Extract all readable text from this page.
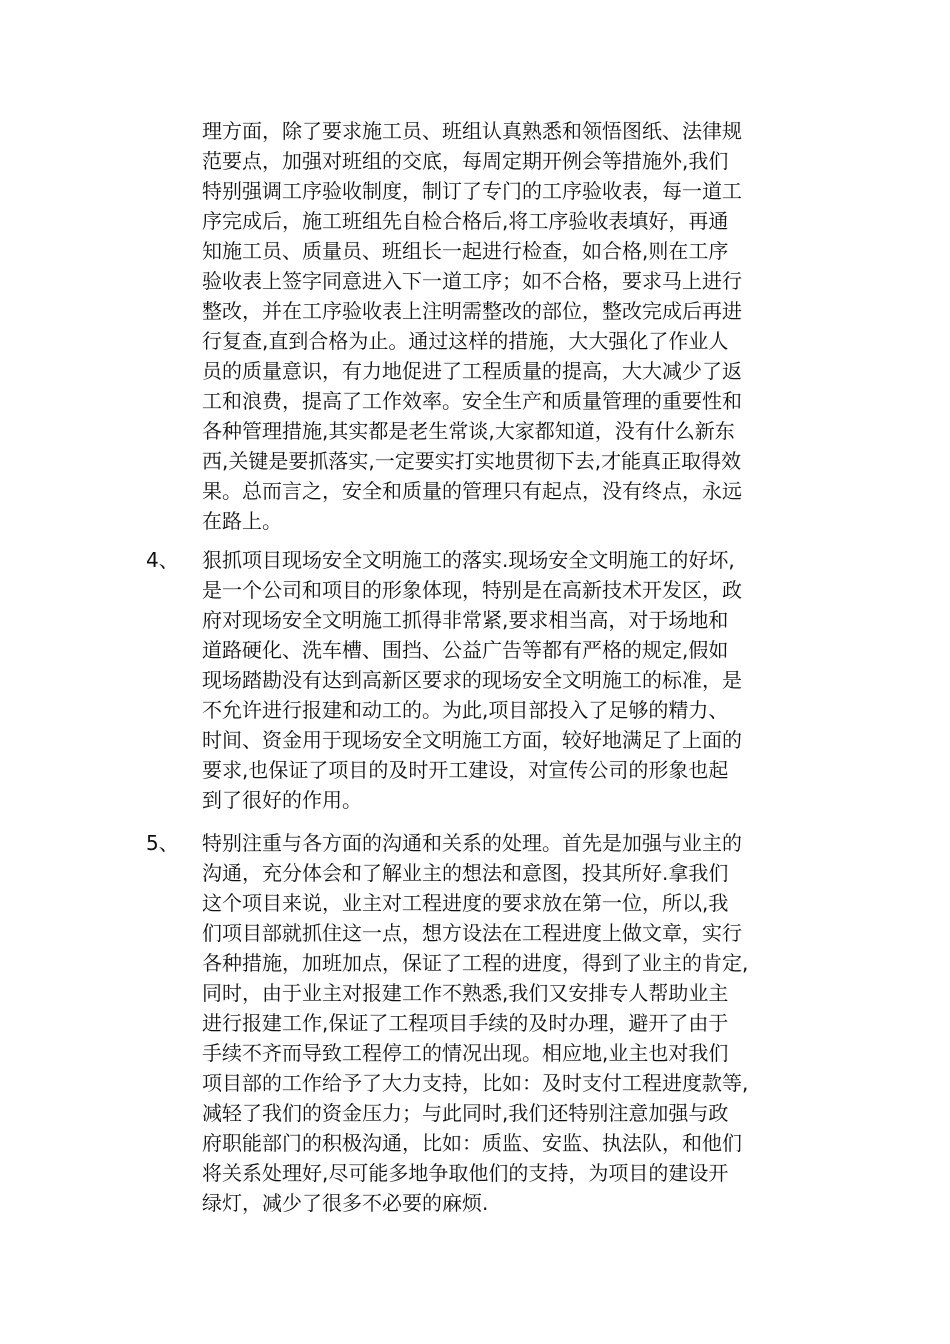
理方面，除了要求施工员、班组认真熟悉和领悟图纸、法律规
范要点，加强对班组的交底，每周定期开例会等措施外,我们
特别强调工序验收制度，制订了专门的工序验收表，每一道工
序完成后，施工班组先自检合格后,将工序验收表填好，再通
知施工员、质量员、班组长一起进行检查，如合格,则在工序
验收表上签字同意进入下一道工序；如不合格，要求马上进行
整改，并在工序验收表上注明需整改的部位，整改完成后再进
行复查,直到合格为止。通过这样的措施，大大强化了作业人
员的质量意识，有力地促进了工程质量的提高，大大减少了返
工和浪费，提高了工作效率。安全生产和质量管理的重要性和
各种管理措施,其实都是老生常谈,大家都知道，没有什么新东
西,关键是要抓落实,一定要实打实地贯彻下去,才能真正取得效
果。总而言之，安全和质量的管理只有起点，没有终点，永远
在路上。
4、 狠抓项目现场安全文明施工的落实.现场安全文明施工的好坏,
是一个公司和项目的形象体现，特别是在高新技术开发区，政
府对现场安全文明施工抓得非常紧,要求相当高，对于场地和
道路硬化、洗车槽、围挡、公益广告等都有严格的规定,假如
现场踏勘没有达到高新区要求的现场安全文明施工的标准，是
不允许进行报建和动工的。为此,项目部投入了足够的精力、
时间、资金用于现场安全文明施工方面，较好地满足了上面的
要求,也保证了项目的及时开工建设，对宣传公司的形象也起
到了很好的作用。
5、 特别注重与各方面的沟通和关系的处理。首先是加强与业主的
沟通，充分体会和了解业主的想法和意图，投其所好.拿我们
这个项目来说，业主对工程进度的要求放在第一位，所以,我
们项目部就抓住这一点，想方设法在工程进度上做文章，实行
各种措施，加班加点，保证了工程的进度，得到了业主的肯定,
同时，由于业主对报建工作不熟悉,我们又安排专人帮助业主
进行报建工作,保证了工程项目手续的及时办理，避开了由于
手续不齐而导致工程停工的情况出现。相应地,业主也对我们
项目部的工作给予了大力支持，比如：及时支付工程进度款等,
减轻了我们的资金压力；与此同时,我们还特别注意加强与政
府职能部门的积极沟通，比如：质监、安监、执法队，和他们
将关系处理好,尽可能多地争取他们的支持，为项目的建设开
绿灯，减少了很多不必要的麻烦.
